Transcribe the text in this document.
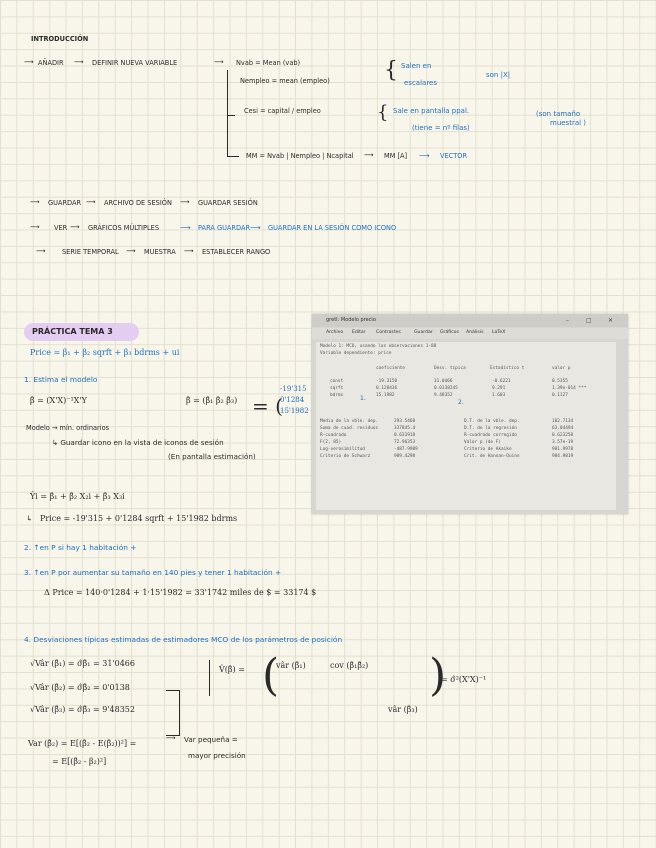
INTRODUCCIÓN
⟶ AÑADIR ⟶ DEFINIR NUEVA VARIABLE	⟶ Nvab = Mean (vab)
Nempleo = mean (empleo) { Salen en
escalares
son |X|
Cesi = capital / empleo	{ Sale en pantalla ppal.
(tiene = nº filas)
(son tamaño
muestral )
MM = Nvab | Nempleo | Ncapital ⟶ MM [A] ⟶ VECTOR
⟶ GUARDAR ⟶ ARCHIVO DE SESIÓN ⟶ GUARDAR SESIÓN
⟶ VER ⟶ GRÁFICOS MÚLTIPLES	⟶ PARA GUARDAR ⟶ GUARDAR EN LA SESIÓN COMO ICONO
⟶	SERIE TEMPORAL ⟶ MUESTRA ⟶ ESTABLECER RANGO
PRÁCTICA TEMA 3
Price = β₁ + β₂ sqrft + β₃ bdrms + ui
1. Estima el modelo
β̂ = (X'X)⁻¹X'Y	β̂ = (β̂₁ β̂₂ β̂₃) = (
-19'315
0'1284
15'1982
Modelo → mín. ordinarios
↳ Guardar icono en la vista de iconos de sesión
(En pantalla estimación)
Ŷi = β̂₁ + β̂₂ X₂i + β̂₃ X₃i
↳ Price = -19'315 + 0'1284 sqrft + 15'1982 bdrms
2. ↑en P si hay 1 habitación +
3. ↑en P por aumentar su tamaño en 140 pies y tener 1 habitación +
Δ Price = 140·0'1284 + 1·15'1982 = 33'1742 miles de $ = 33174 $
4. Desviaciones típicas estimadas de estimadores MCO de los parámetros de posición
√Vâr (β̂₁) = σ̂β̂₁ = 31'0466
√Vâr (β̂₂) = σ̂β̂₂ = 0'0138
√Vâr (β̂₃) = σ̂β̂₃ = 9'48352
V̂(β̂) = (
vâr (β̂₁)	cov (β̂₁β̂₂)
vâr (β̂₃)
)
= σ̂²(X'X)⁻¹
Var (β̂₂) = E[(β̂₂ - E(β̂₂))²] =
= E[(β̂₂ - β₂)²]
⟶ Var pequeña =
mayor precisión
gretl: Modelo precio	–	□	✕
Archivo Editar Contrastes	Guardar Gráficos Análisis LaTeX
Modelo 1: MCO, usando las observaciones 1-88
Variable dependiente: price
coeficiente	Desv. típica	Estadístico t	valor p
const	-19.3150	31.0466	-0.6221	0.5355
sqrft	0.128436	0.0138245	9.291	1.39e-014 ***
bdrms	15.1982	9.48352	1.603	0.1127
Media de la vble. dep.	293.5460	D.T. de la vble. dep.	102.7134
Suma de cuad. residuos	337845.4	D.T. de la regresión	63.04494
R-cuadrado	0.631918	R-cuadrado corregido	0.623258
F(2, 85)	72.96353	Valor p (de F)	3.57e-19
Log-verosimilitud	-487.9989	Criterio de Akaike	981.9978
Criterio de Schwarz	989.4298	Crit. de Hannan-Quinn	984.9819
1.
2.
